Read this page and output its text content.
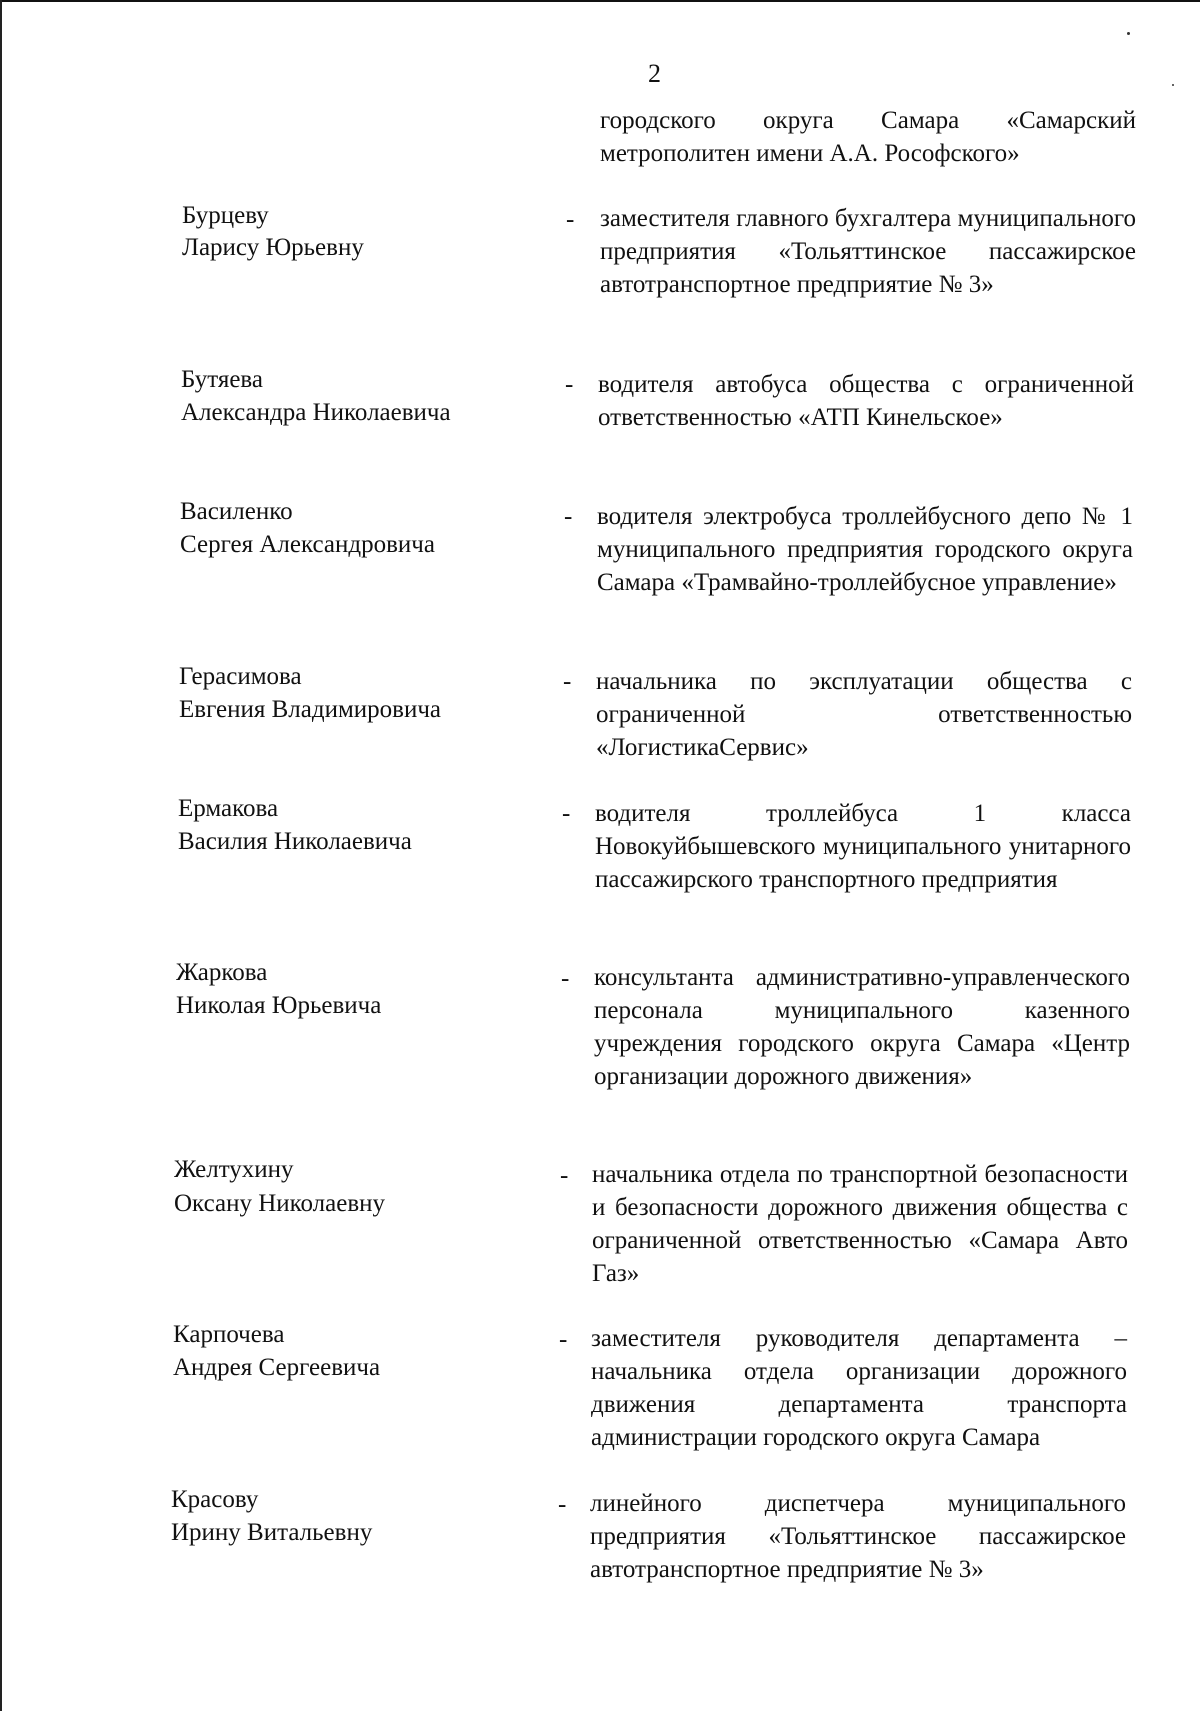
2
городского округа Самара «Самарский метрополитен имени А.А. Рософского»
Бурцеву
Ларису Юрьевну
- заместителя главного бухгалтера муниципального предприятия «Тольяттинское пассажирское автотранспортное предприятие № 3»
Бутяева
Александра Николаевича
- водителя автобуса общества с ограниченной ответственностью «АТП Кинельское»
Василенко
Сергея Александровича
- водителя электробуса троллейбусного депо № 1 муниципального предприятия городского округа Самара «Трамвайно-троллейбусное управление»
Герасимова
Евгения Владимировича
- начальника по эксплуатации общества с ограниченной ответственностью «ЛогистикаСервис»
Ермакова
Василия Николаевича
- водителя троллейбуса 1 класса Новокуйбышевского муниципального унитарного пассажирского транспортного предприятия
Жаркова
Николая Юрьевича
- консультанта административно-управленческого персонала муниципального казенного учреждения городского округа Самара «Центр организации дорожного движения»
Желтухину
Оксану Николаевну
- начальника отдела по транспортной безопасности и безопасности дорожного движения общества с ограниченной ответственностью «Самара Авто Газ»
Карпочева
Андрея Сергеевича
- заместителя руководителя департамента – начальника отдела организации дорожного движения департамента транспорта администрации городского округа Самара
Красову
Ирину Витальевну
- линейного диспетчера муниципального предприятия «Тольяттинское пассажирское автотранспортное предприятие № 3»
